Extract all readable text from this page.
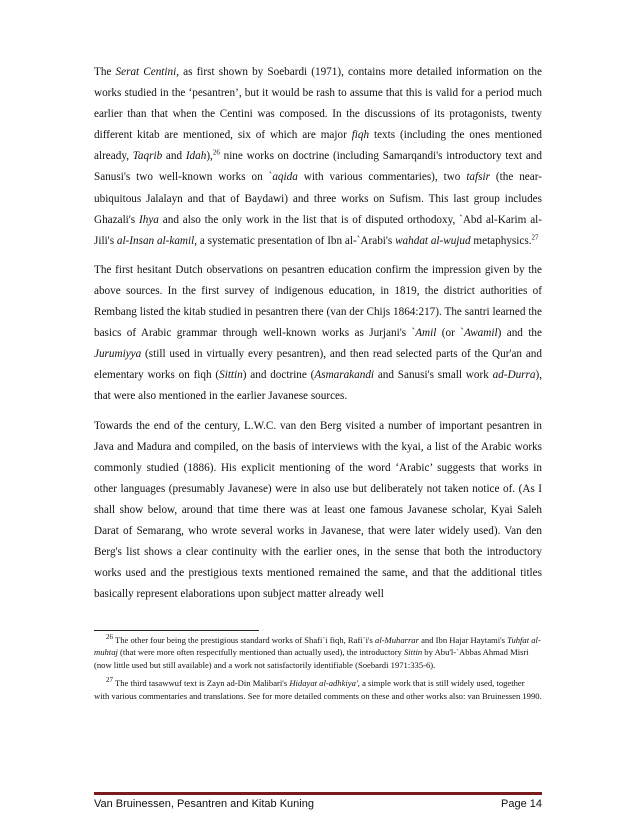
The Serat Centini, as first shown by Soebardi (1971), contains more detailed information on the works studied in the ‘pesantren’, but it would be rash to assume that this is valid for a period much earlier than that when the Centini was composed. In the discussions of its protagonists, twenty different kitab are mentioned, six of which are major fiqh texts (including the ones mentioned already, Taqrib and Idah),$^{26}$ nine works on doctrine (including Samarqandi's introductory text and Sanusi's two well-known works on `aqida with various commentaries), two tafsir (the near-ubiquitous Jalalayn and that of Baydawi) and three works on Sufism. This last group includes Ghazali's Ihya and also the only work in the list that is of disputed orthodoxy, `Abd al-Karim al-Jili's al-Insan al-kamil, a systematic presentation of Ibn al-`Arabi's wahdat al-wujud metaphysics.$^{27}$

The first hesitant Dutch observations on pesantren education confirm the impression given by the above sources. In the first survey of indigenous education, in 1819, the district authorities of Rembang listed the kitab studied in pesantren there (van der Chijs 1864:217). The santri learned the basics of Arabic grammar through well-known works as Jurjani's `Amil (or `Awamil) and the Jurumiyya (still used in virtually every pesantren), and then read selected parts of the Qur'an and elementary works on fiqh (Sittin) and doctrine (Asmarakandi and Sanusi's small work ad-Durra), that were also mentioned in the earlier Javanese sources.

Towards the end of the century, L.W.C. van den Berg visited a number of important pesantren in Java and Madura and compiled, on the basis of interviews with the kyai, a list of the Arabic works commonly studied (1886). His explicit mentioning of the word ‘Arabic’ suggests that works in other languages (presumably Javanese) were in also use but deliberately not taken notice of. (As I shall show below, around that time there was at least one famous Javanese scholar, Kyai Saleh Darat of Semarang, who wrote several works in Javanese, that were later widely used). Van den Berg's list shows a clear continuity with the earlier ones, in the sense that both the introductory works used and the prestigious texts mentioned remained the same, and that the additional titles basically represent elaborations upon subject matter already well

$^{26}$ The other four being the prestigious standard works of Shafi`i fiqh, Rafi`i's al-Muharrar and Ibn Hajar Haytami's Tuhfat al-muhtaj (that were more often respectfully mentioned than actually used), the introductory Sittin by Abu'l-`Abbas Ahmad Misri (now little used but still available) and a work not satisfactorily identifiable (Soebardi 1971:335-6).

$^{27}$ The third tasawwuf text is Zayn ad-Din Malibari's Hidayat al-adhkiya', a simple work that is still widely used, together with various commentaries and translations. See for more detailed comments on these and other works also: van Bruinessen 1990.

Van Bruinessen, Pesantren and Kitab Kuning	Page 14
